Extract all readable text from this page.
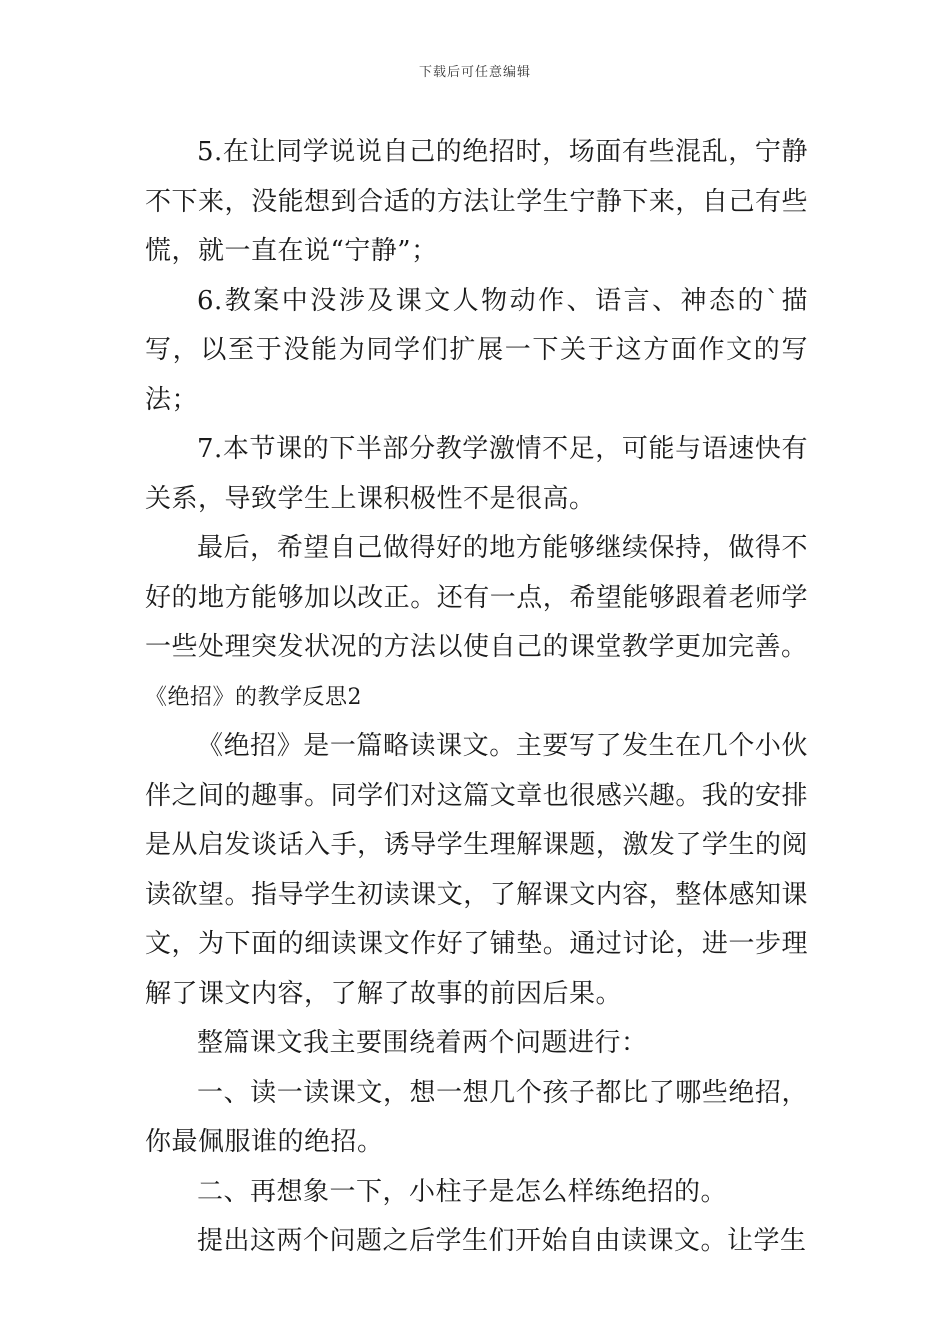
下载后可任意编辑

5.在让同学说说自己的绝招时，场面有些混乱，宁静不下来，没能想到合适的方法让学生宁静下来，自己有些慌，就一直在说“宁静”；

6.教案中没涉及课文人物动作、语言、神态的`描写，以至于没能为同学们扩展一下关于这方面作文的写法；

7.本节课的下半部分教学激情不足，可能与语速快有关系，导致学生上课积极性不是很高。

最后，希望自己做得好的地方能够继续保持，做得不好的地方能够加以改正。还有一点，希望能够跟着老师学一些处理突发状况的方法以使自己的课堂教学更加完善。

《绝招》的教学反思2

《绝招》是一篇略读课文。主要写了发生在几个小伙伴之间的趣事。同学们对这篇文章也很感兴趣。我的安排是从启发谈话入手，诱导学生理解课题，激发了学生的阅读欲望。指导学生初读课文，了解课文内容，整体感知课文，为下面的细读课文作好了铺垫。通过讨论，进一步理解了课文内容，了解了故事的前因后果。

整篇课文我主要围绕着两个问题进行：

一、读一读课文，想一想几个孩子都比了哪些绝招，你最佩服谁的绝招。

二、再想象一下，小柱子是怎么样练绝招的。

提出这两个问题之后学生们开始自由读课文。让学生
